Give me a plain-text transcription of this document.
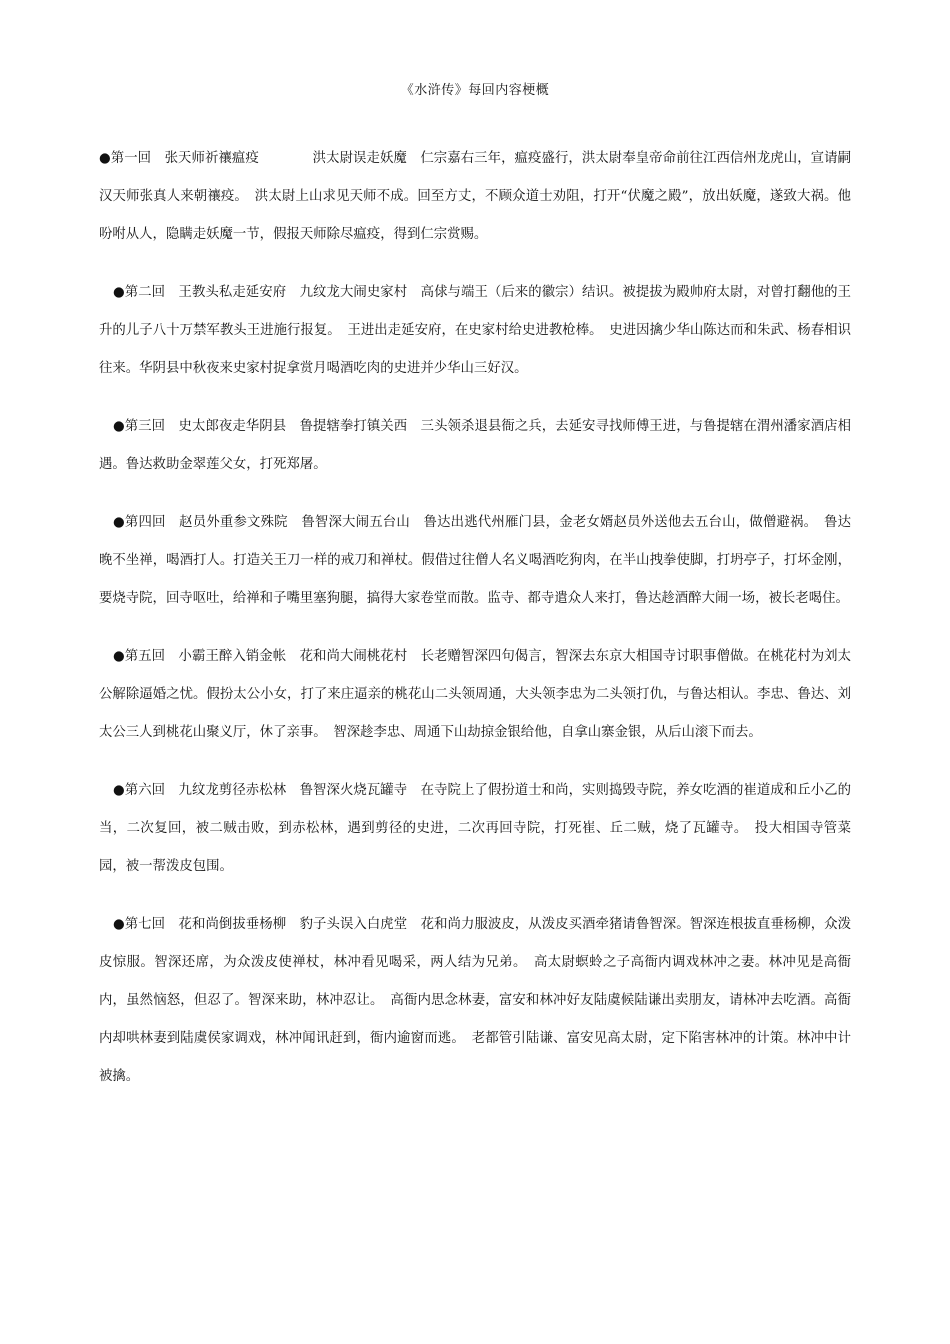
《水浒传》每回内容梗概

●第一回　张天师祈禳瘟疫　　　　洪太尉误走妖魔　仁宗嘉右三年，瘟疫盛行，洪太尉奉皇帝命前往江西信州龙虎山，宣请嗣汉天师张真人来朝禳疫。　洪太尉上山求见天师不成。回至方丈，不顾众道士劝阻，打开“伏魔之殿”，放出妖魔，遂致大祸。他吩咐从人，隐瞒走妖魔一节，假报天师除尽瘟疫，得到仁宗赏赐。

●第二回　王教头私走延安府　九纹龙大闹史家村　高俅与端王（后来的徽宗）结识。被提拔为殿帅府太尉，对曾打翻他的王升的儿子八十万禁军教头王进施行报复。　王进出走延安府，在史家村给史进教枪棒。　史进因擒少华山陈达而和朱武、杨春相识往来。华阴县中秋夜来史家村捉拿赏月喝酒吃肉的史进并少华山三好汉。

●第三回　史太郎夜走华阴县　鲁提辖拳打镇关西　三头领杀退县衙之兵，去延安寻找师傅王进，与鲁提辖在渭州潘家酒店相遇。鲁达救助金翠莲父女，打死郑屠。

●第四回　赵员外重参文殊院　鲁智深大闹五台山　鲁达出逃代州雁门县，金老女婿赵员外送他去五台山，做僧避祸。　鲁达晚不坐禅，喝酒打人。打造关王刀一样的戒刀和禅杖。假借过往僧人名义喝酒吃狗肉，在半山拽拳使脚，打坍亭子，打坏金刚，要烧寺院，回寺呕吐，给禅和子嘴里塞狗腿，搞得大家卷堂而散。监寺、都寺遣众人来打，鲁达趁酒醉大闹一场，被长老喝住。

●第五回　小霸王醉入销金帐　花和尚大闹桃花村　长老赠智深四句偈言，智深去东京大相国寺讨职事僧做。在桃花村为刘太　公解除逼婚之忧。假扮太公小女，打了来庄逼亲的桃花山二头领周通，大头领李忠为二头领打仇，与鲁达相认。李忠、鲁达、刘太公三人到桃花山聚义厅，休了亲事。　智深趁李忠、周通下山劫掠金银给他，自拿山寨金银，从后山滚下而去。

●第六回　九纹龙剪径赤松林　鲁智深火烧瓦罐寺　在寺院上了假扮道士和尚，实则捣毁寺院，养女吃酒的崔道成和丘小乙的当，二次复回，被二贼击败，到赤松林，遇到剪径的史进，二次再回寺院，打死崔、丘二贼，烧了瓦罐寺。　投大相国寺管菜园，被一帮泼皮包围。

●第七回　花和尚倒拔垂杨柳　豹子头误入白虎堂　花和尚力服波皮，从泼皮买酒牵猪请鲁智深。智深连根拔直垂杨柳，众泼皮惊服。智深还席，为众泼皮使禅杖，林冲看见喝采，两人结为兄弟。　高太尉螟蛉之子高衙内调戏林冲之妻。林冲见是高衙内，虽然恼怒，但忍了。智深来助，林冲忍让。　高衙内思念林妻，富安和林冲好友陆虞候陆谦出卖朋友，请林冲去吃酒。高衙内却哄林妻到陆虞侯家调戏，林冲闻讯赶到，衙内逾窗而逃。　老都管引陆谦、富安见高太尉，定下陷害林冲的计策。林冲中计被擒。
